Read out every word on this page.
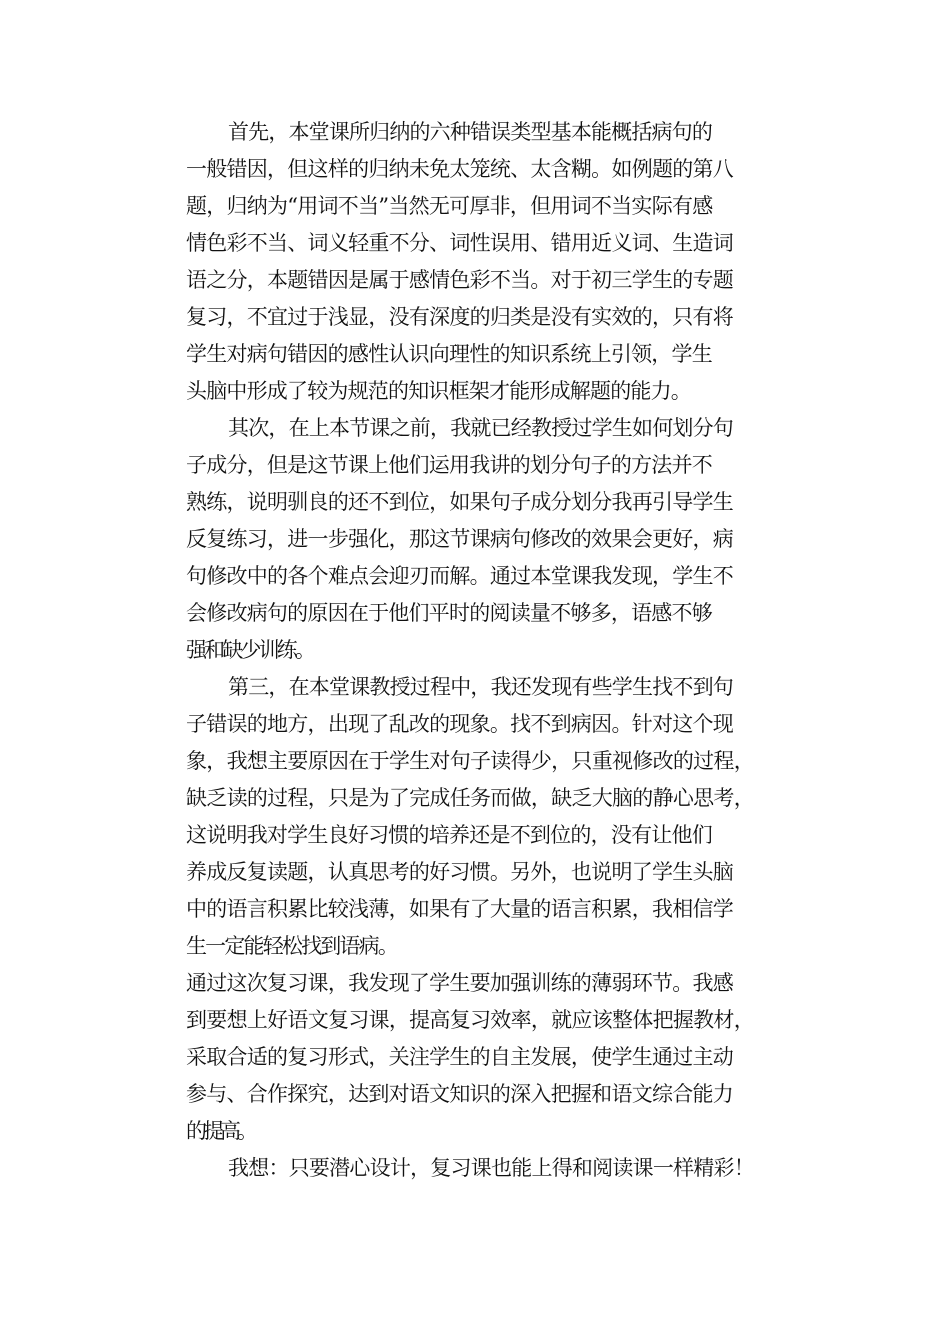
首先，本堂课所归纳的六种错误类型基本能概括病句的
一般错因，但这样的归纳未免太笼统、太含糊。如例题的第八
题，归纳为“用词不当”当然无可厚非，但用词不当实际有感
情色彩不当、词义轻重不分、词性误用、错用近义词、生造词
语之分，本题错因是属于感情色彩不当。对于初三学生的专题
复习，不宜过于浅显，没有深度的归类是没有实效的，只有将
学生对病句错因的感性认识向理性的知识系统上引领，学生
头脑中形成了较为规范的知识框架才能形成解题的能力。
其次，在上本节课之前，我就已经教授过学生如何划分句
子成分，但是这节课上他们运用我讲的划分句子的方法并不
熟练，说明驯良的还不到位，如果句子成分划分我再引导学生
反复练习，进一步强化，那这节课病句修改的效果会更好，病
句修改中的各个难点会迎刃而解。通过本堂课我发现，学生不
会修改病句的原因在于他们平时的阅读量不够多，语感不够
强和缺少训练。
第三，在本堂课教授过程中，我还发现有些学生找不到句
子错误的地方，出现了乱改的现象。找不到病因。针对这个现
象，我想主要原因在于学生对句子读得少，只重视修改的过程，
缺乏读的过程，只是为了完成任务而做，缺乏大脑的静心思考，
这说明我对学生良好习惯的培养还是不到位的，没有让他们
养成反复读题，认真思考的好习惯。另外，也说明了学生头脑
中的语言积累比较浅薄，如果有了大量的语言积累，我相信学
生一定能轻松找到语病。
通过这次复习课，我发现了学生要加强训练的薄弱环节。我感
到要想上好语文复习课，提高复习效率，就应该整体把握教材，
采取合适的复习形式，关注学生的自主发展，使学生通过主动
参与、合作探究，达到对语文知识的深入把握和语文综合能力
的提高。
我想：只要潜心设计，复习课也能上得和阅读课一样精彩！
